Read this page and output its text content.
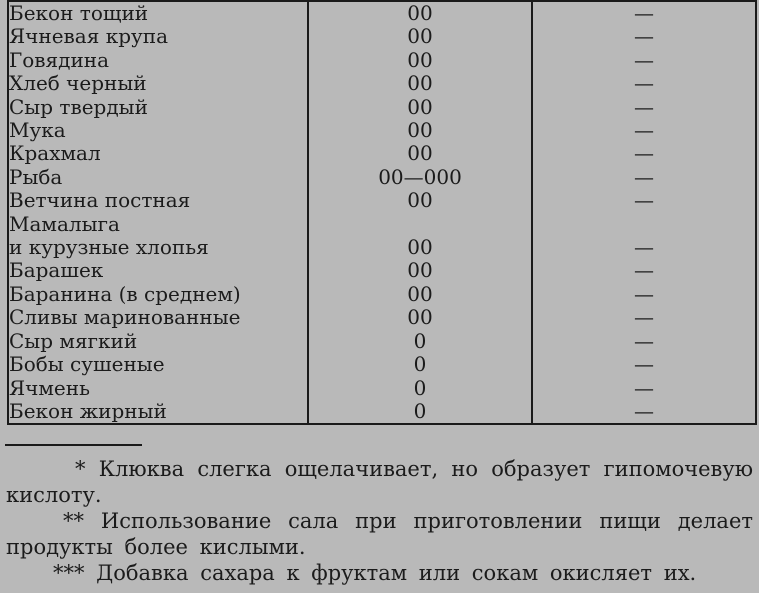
Бекон тощий	00	—
Ячневая крупа	00	—
Говядина	00	—
Хлеб черный	00	—
Сыр твердый	00	—
Мука	00	—
Крахмал	00	—
Рыба	00—000	—
Ветчина постная	00	—
Мамалыга		
и курузные хлопья	00	—
Барашек	00	—
Баранина (в среднем)	00	—
Сливы маринованные	00	—
Сыр мягкий	0	—
Бобы сушеные	0	—
Ячмень	0	—
Бекон жирный	0	—
* Клюква слегка ощелачивает, но образует гипомочевую
кислоту.
** Использование сала при приготовлении пищи делает
продукты более кислыми.
*** Добавка сахара к фруктам или сокам окисляет их.
